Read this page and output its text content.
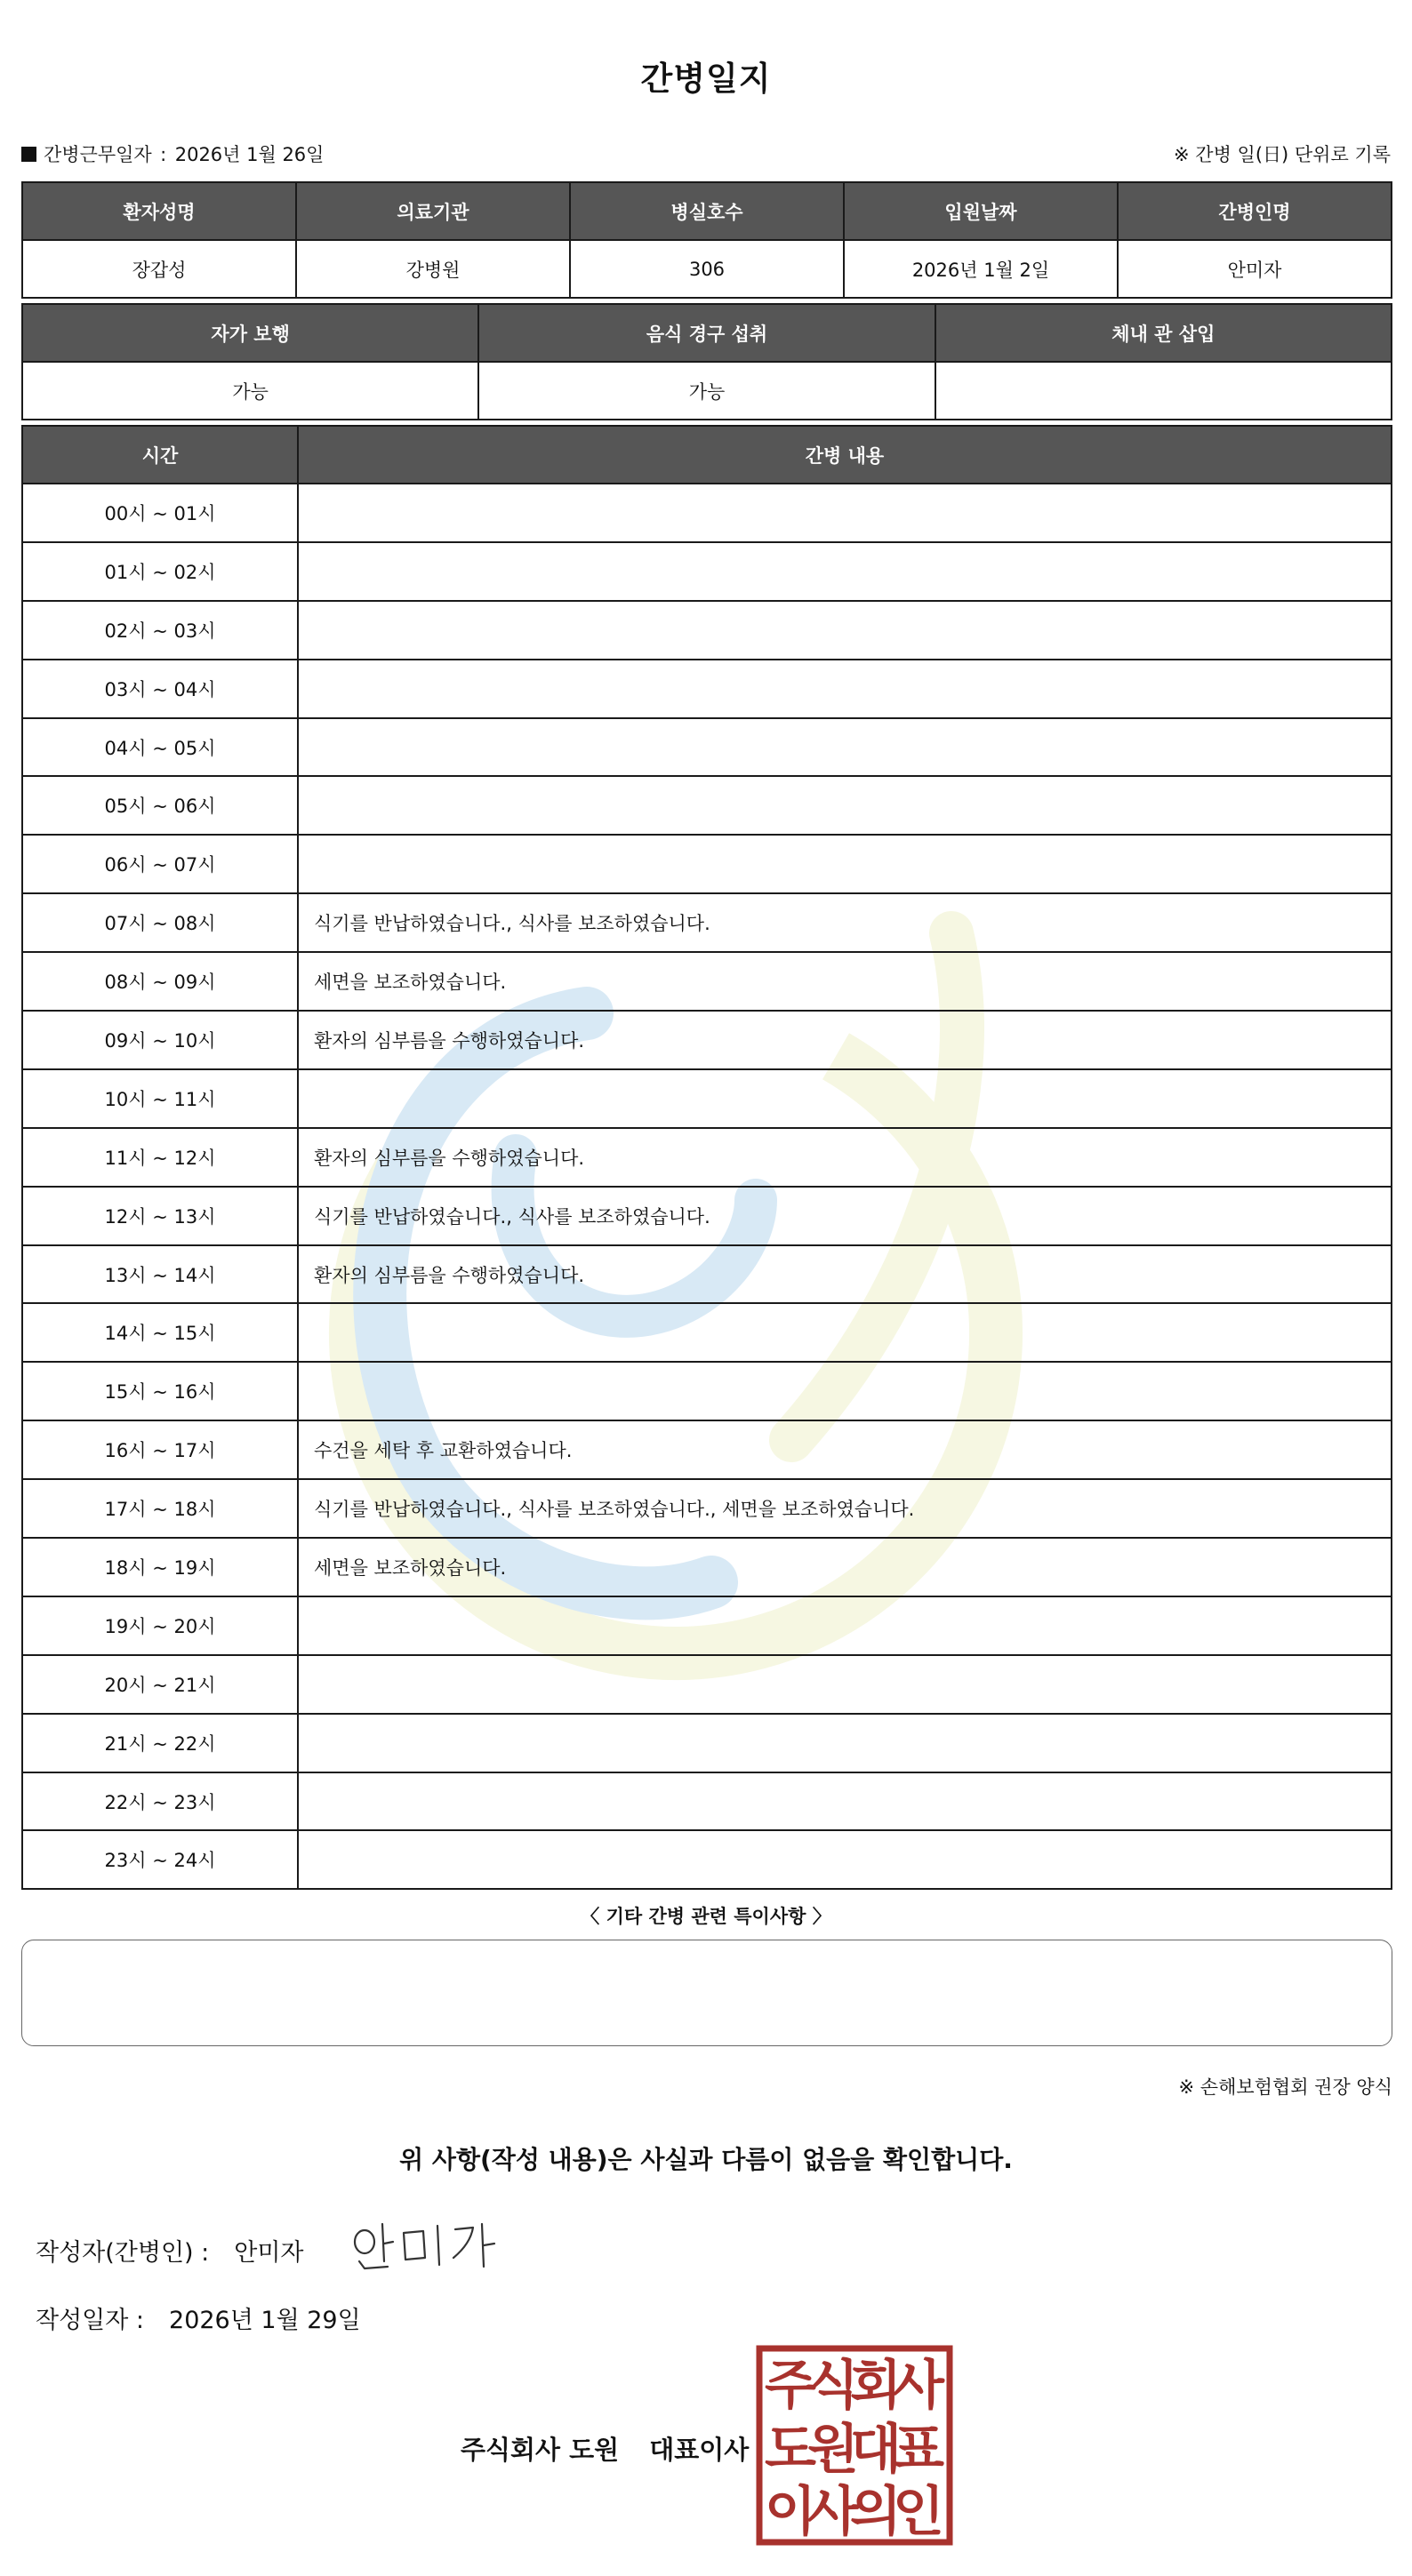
간병일지
간병근무일자 : 2026년 1월 26일	※ 간병 일(日) 단위로 기록
환자성명	의료기관	병실호수	입원날짜	간병인명
장갑성	강병원	306	2026년 1월 2일	안미자
자가 보행	음식 경구 섭취	체내 관 삽입
가능	가능	
시간	간병 내용
00시 ~ 01시	
01시 ~ 02시	
02시 ~ 03시	
03시 ~ 04시	
04시 ~ 05시	
05시 ~ 06시	
06시 ~ 07시	
07시 ~ 08시	식기를 반납하였습니다., 식사를 보조하였습니다.
08시 ~ 09시	세면을 보조하였습니다.
09시 ~ 10시	환자의 심부름을 수행하였습니다.
10시 ~ 11시	
11시 ~ 12시	환자의 심부름을 수행하였습니다.
12시 ~ 13시	식기를 반납하였습니다., 식사를 보조하였습니다.
13시 ~ 14시	환자의 심부름을 수행하였습니다.
14시 ~ 15시	
15시 ~ 16시	
16시 ~ 17시	수건을 세탁 후 교환하였습니다.
17시 ~ 18시	식기를 반납하였습니다., 식사를 보조하였습니다., 세면을 보조하였습니다.
18시 ~ 19시	세면을 보조하였습니다.
19시 ~ 20시	
20시 ~ 21시	
21시 ~ 22시	
22시 ~ 23시	
23시 ~ 24시	
〈 기타 간병 관련 특이사항 〉
※ 손해보험협회 권장 양식
위 사항(작성 내용)은 사실과 다름이 없음을 확인합니다.
작성자(간병인) : 안미자
작성일자 : 2026년 1월 29일
주식회사 도원 대표이사
주
식
회
사
도
원
대
표
이
사
의
인
